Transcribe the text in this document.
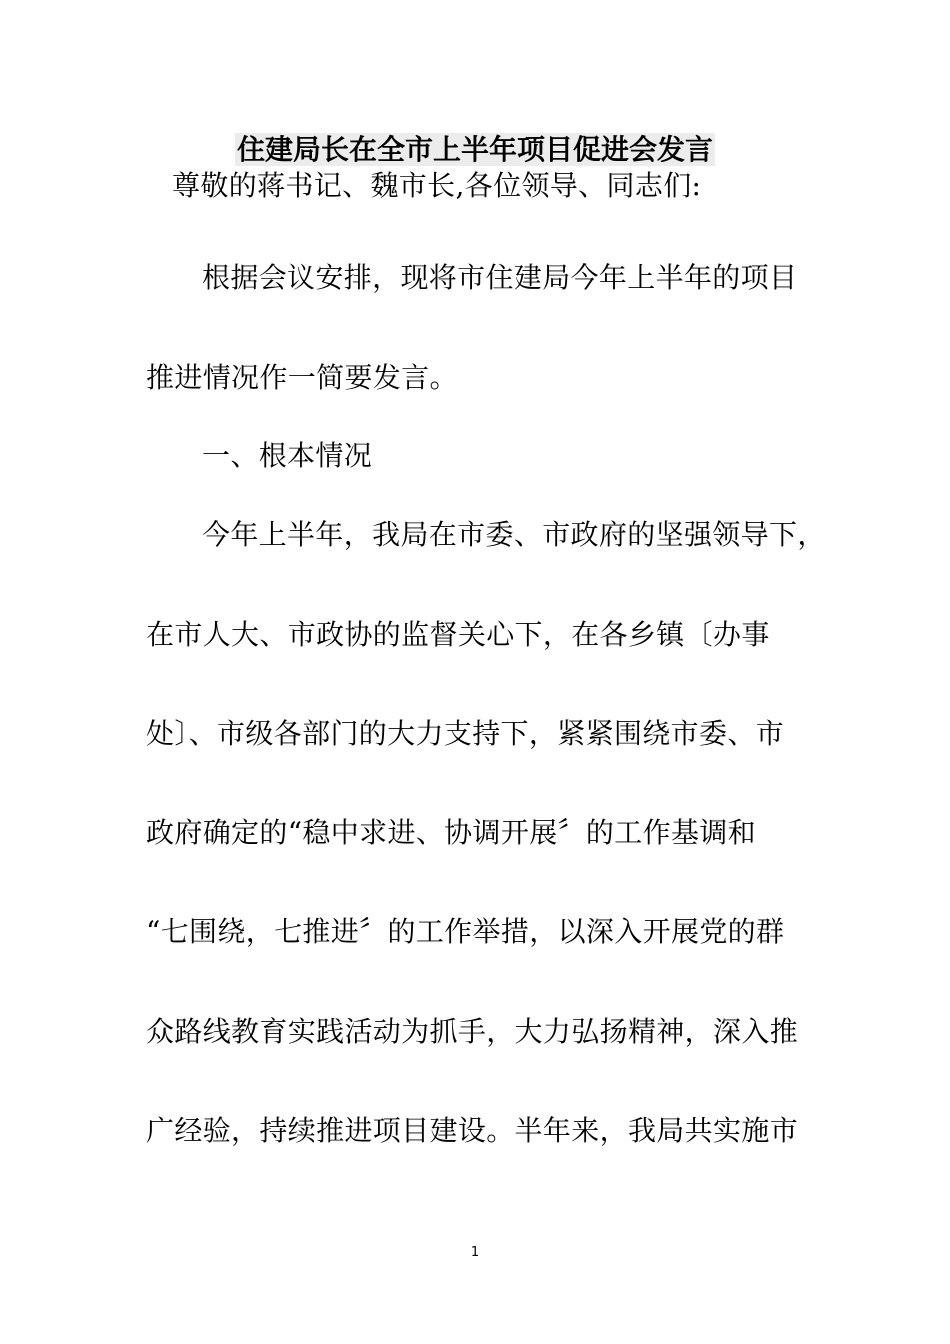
住建局长在全市上半年项目促进会发言

尊敬的蒋书记、魏市长,各位领导、同志们:

根据会议安排，现将市住建局今年上半年的项目

推进情况作一简要发言。

一、根本情况

今年上半年，我局在市委、市政府的坚强领导下，

在市人大、市政协的监督关心下，在各乡镇〔办事

处〕、市级各部门的大力支持下，紧紧围绕市委、市

政府确定的“稳中求进、协调开展〞的工作基调和

“七围绕，七推进〞的工作举措，以深入开展党的群

众路线教育实践活动为抓手，大力弘扬精神，深入推

广经验，持续推进项目建设。半年来，我局共实施市

1
